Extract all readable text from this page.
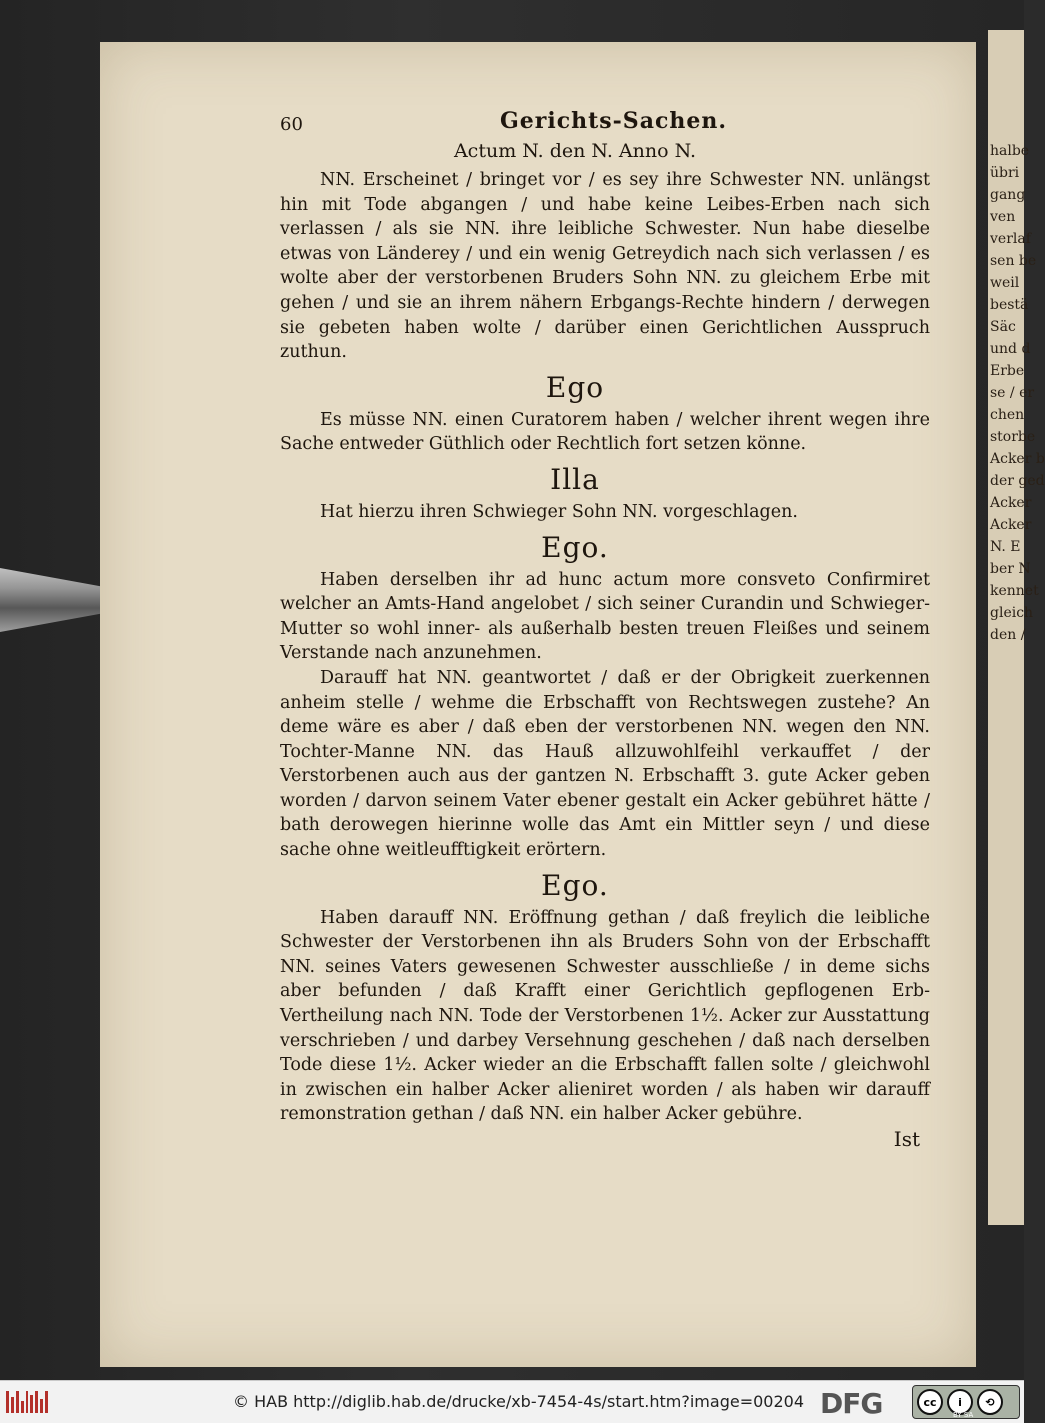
halbe
übri
gang
ven
verlaf
sen be
weil
bestä
Säc
und d
Erbe
se / er
chen
storbe
Acker b
der ged
Acker
Acker
N. E
ber N
kennet
gleich
den /
60	Gerichts-Sachen.
Actum N. den N. Anno N.

NN. Erscheinet / bringet vor / es sey ihre Schwester NN. unlängst hin mit Tode abgangen / und habe keine Leibes-Erben nach sich verlassen / als sie NN. ihre leibliche Schwester. Nun habe dieselbe etwas von Länderey / und ein wenig Getreydich nach sich verlassen / es wolte aber der verstorbenen Bruders Sohn NN. zu gleichem Erbe mit gehen / und sie an ihrem nähern Erbgangs-Rechte hindern / derwegen sie gebeten haben wolte / darüber einen Gerichtlichen Ausspruch zuthun.

Ego

Es müsse NN. einen Curatorem haben / welcher ihrent wegen ihre Sache entweder Güthlich oder Rechtlich fort setzen könne.

Illa

Hat hierzu ihren Schwieger Sohn NN. vorgeschlagen.

Ego.

Haben derselben ihr ad hunc actum more consveto Confirmiret welcher an Amts-Hand angelobet / sich seiner Curandin und Schwieger-Mutter so wohl inner- als außerhalb besten treuen Fleißes und seinem Verstande nach anzunehmen.

Darauff hat NN. geantwortet / daß er der Obrigkeit zuerkennen anheim stelle / wehme die Erbschafft von Rechtswegen zustehe? An deme wäre es aber / daß eben der verstorbenen NN. wegen den NN. Tochter-Manne NN. das Hauß allzuwohlfeihl verkauffet / der Verstorbenen auch aus der gantzen N. Erbschafft 3. gute Acker geben worden / darvon seinem Vater ebener gestalt ein Acker gebühret hätte / bath derowegen hierinne wolle das Amt ein Mittler seyn / und diese sache ohne weitleufftigkeit erörtern.

Ego.

Haben darauff NN. Eröffnung gethan / daß freylich die leibliche Schwester der Verstorbenen ihn als Bruders Sohn von der Erbschafft NN. seines Vaters gewesenen Schwester ausschließe / in deme sichs aber befunden / daß Krafft einer Gerichtlich gepflogenen Erb-Vertheilung nach NN. Tode der Verstorbenen 1½. Acker zur Ausstattung verschrieben / und darbey Versehnung geschehen / daß nach derselben Tode diese 1½. Acker wieder an die Erbschafft fallen solte / gleichwohl in zwischen ein halber Acker alieniret worden / als haben wir darauff remonstration gethan / daß NN. ein halber Acker gebühre.

Ist
© HAB http://diglib.hab.de/drucke/xb-7454-4s/start.htm?image=00204 DFG	cc	i	⟲
BY SA
